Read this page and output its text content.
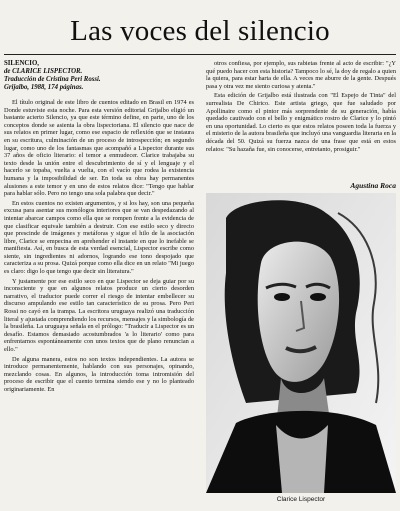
Las voces del silencio
SILENCIO,
de CLARICE LISPECTOR.
Traducción de Cristina Peri Rossi.
Grijalbo, 1988, 174 páginas.

El título original de este libro de cuentos editado en Brasil en 1974 es Donde estuviste esta noche. Para esta versión editorial Grijalbo eligió un bastante acierto Silencio, ya que este término define, en parte, uno de los conceptos donde se asienta la obra lispectoriana. El silencio que nace de sus relatos en primer lugar, como ese espacio de reflexión que se instaura en su escritura, culminación de un proceso de introspección; en segundo lugar, como uno de los fantasmas que acompañó a Lispector durante sus 37 años de oficio literario: el temor a enmudecer. Clarice trabajaba su texto desde la unión entre el descubrimiento de sí y el lenguaje y el hacerlo se topaba, vuelta a vuelta, con el vacío que rodea la existencia humana y la imposibilidad de ser. En toda su obra hay permanentes alusiones a este temor y en uno de estos relatos dice: "Tengo que hablar para hablar sólo. Pero no tengo una sola palabra que decir."

En estos cuentos no existen argumentos, y si los hay, son una pequeña excusa para asentar sus monólogos interiores que se van despedazando al intentar abarcar campos como ella que se rompen frente a la evidencia de que clasificar equivale también a destruir. Con ese estilo seco y directo que prescinde de imágenes y metáforas y sigue el hilo de la asociación libre, Clarice se empecina en aprehender el instante en que lo inefable se manifiesta. Así, en busca de esta verdad esencial, Lispector escribe como siente, sin ingredientes ni adornos, logrando ese tono despojado que caracteriza a su prosa. Quizá porque como ella dice en un relato "Mi juego es claro: digo lo que tengo que decir sin literatura."

Y justamente por ese estilo seco en que Lispector se deja guiar por su inconsciente y que en algunos relatos produce un cierto desorden narrativo, el traductor puede correr el riesgo de intentar embellecer su discurso ampulando ese estilo tan característico de su prosa. Pero Peri Rossi no cayó en la trampa. La escritora uruguaya realizó una traducción literal y ajustada comprendiendo los recursos, mensajes y la simbología de la brasileña. La uruguaya señala en el prólogo: "Traducir a Lispector es un desafío. Estamos demasiado acostumbrados 'a lo literario' como para enfrentarnos espontáneamente con unos textos que de plano renuncian a ello."

De alguna manera, estos no son textos independientes. La autora se introduce permanentemente, hablando con sus personajes, opinando, mezclando cosas. En algunos, la introducción toma intromisión del proceso de escribir que el cuento termina siendo ese y no lo planteado originariamente. En

otros confiesa, por ejemplo, sus rabietas frente al acto de escribir: "¿Y qué puedo hacer con esta historia? Tampoco lo sé, la doy de regalo a quien la quiera, para estar harta de ella. A veces me aburre de la gente. Después pasa y otra vez me siento curiosa y atenta."

Esta edición de Grijalbo está ilustrada con "El Espejo de Tinta" del surrealista De Chirico. Este artista griego, que fue saludado por Apollinaire como el pintor más sorprendente de su generación, había quedado cautivado con el bello y enigmático rostro de Clarice y lo pintó en una oportunidad. Lo cierto es que estos relatos poseen toda la fuerza y el misterio de la autora brasileña que incluyó una vanguardia literaria en la década del 50. Quizá su fuerza nazca de una frase que está en estos relatos: "Su hazaña fue, sin conocerse, entretanto, prosiguir."

Agustina Roca
Clarice Lispector
